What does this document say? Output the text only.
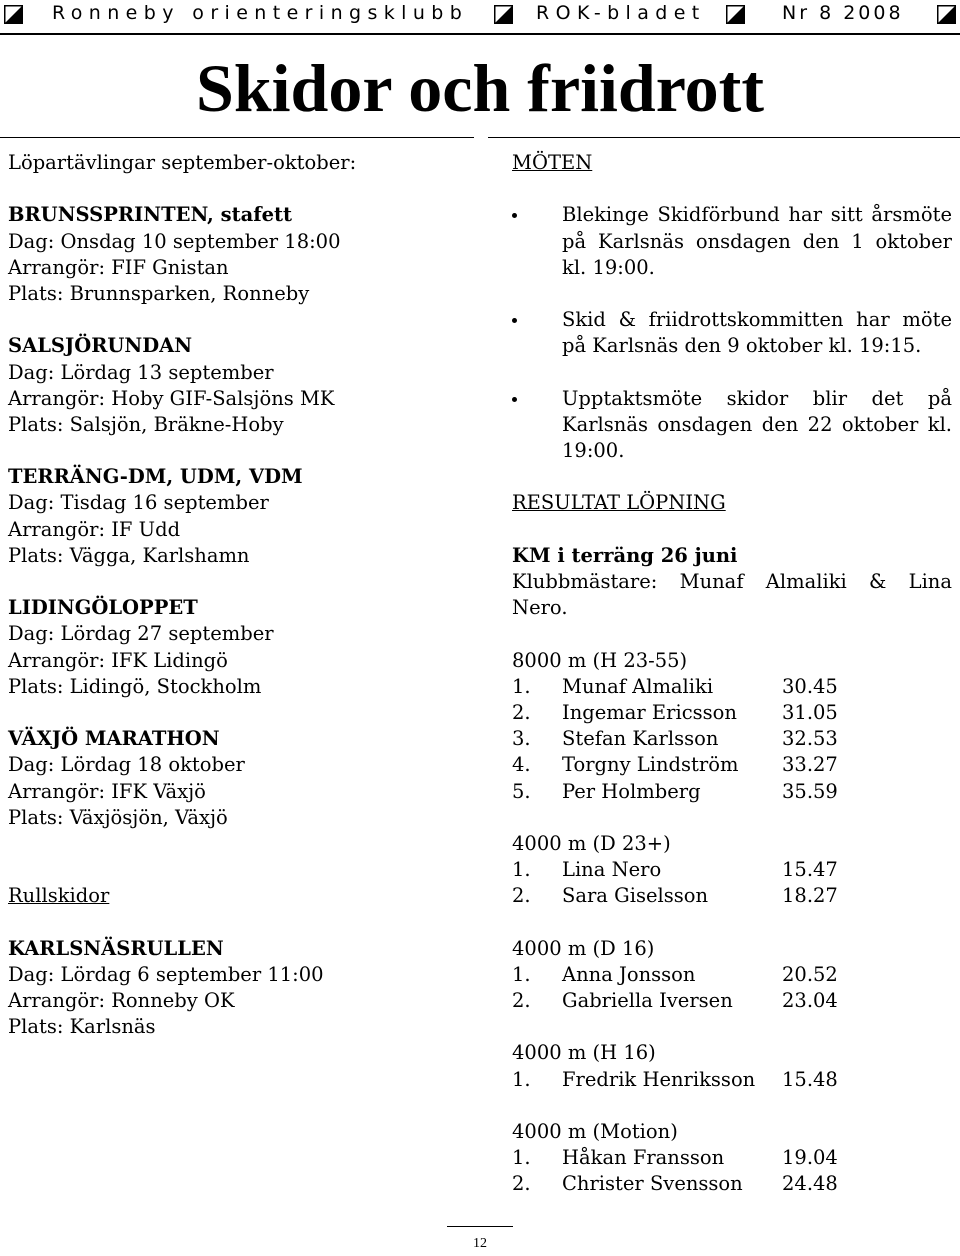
Ronneby orienteringsklubb	ROK-bladet	Nr 8 2008
Skidor och friidrott
Löpartävlingar september-oktober:
BRUNSSPRINTEN, stafett
Dag: Onsdag 10 september 18:00
Arrangör: FIF Gnistan
Plats: Brunnsparken, Ronneby
SALSJÖRUNDAN
Dag: Lördag 13 september
Arrangör: Hoby GIF-Salsjöns MK
Plats: Salsjön, Bräkne-Hoby
TERRÄNG-DM, UDM, VDM
Dag: Tisdag 16 september
Arrangör: IF Udd
Plats: Vägga, Karlshamn
LIDINGÖLOPPET
Dag: Lördag 27 september
Arrangör: IFK Lidingö
Plats: Lidingö, Stockholm
VÄXJÖ MARATHON
Dag: Lördag 18 oktober
Arrangör: IFK Växjö
Plats: Växjösjön, Växjö
Rullskidor
KARLSNÄSRULLEN
Dag: Lördag 6 september 11:00
Arrangör: Ronneby OK
Plats: Karlsnäs
MÖTEN
Blekinge Skidförbund har sitt årsmöte
på Karlsnäs onsdagen den 1 oktober
kl. 19:00.
Skid & friidrottskommitten har möte
på Karlsnäs den 9 oktober kl. 19:15.
Upptaktsmöte skidor blir det på
Karlsnäs onsdagen den 22 oktober kl.
19:00.
RESULTAT LÖPNING
KM i terräng 26 juni
Klubbmästare: Munaf Almaliki & Lina
Nero.
8000 m (H 23-55)
1.	Munaf Almaliki	30.45
2.	Ingemar Ericsson	31.05
3.	Stefan Karlsson	32.53
4.	Torgny Lindström	33.27
5.	Per Holmberg	35.59
4000 m (D 23+)
1.	Lina Nero	15.47
2.	Sara Giselsson	18.27
4000 m (D 16)
1.	Anna Jonsson	20.52
2.	Gabriella Iversen	23.04
4000 m (H 16)
1.	Fredrik Henriksson	15.48
4000 m (Motion)
1.	Håkan Fransson	19.04
2.	Christer Svensson	24.48
12
